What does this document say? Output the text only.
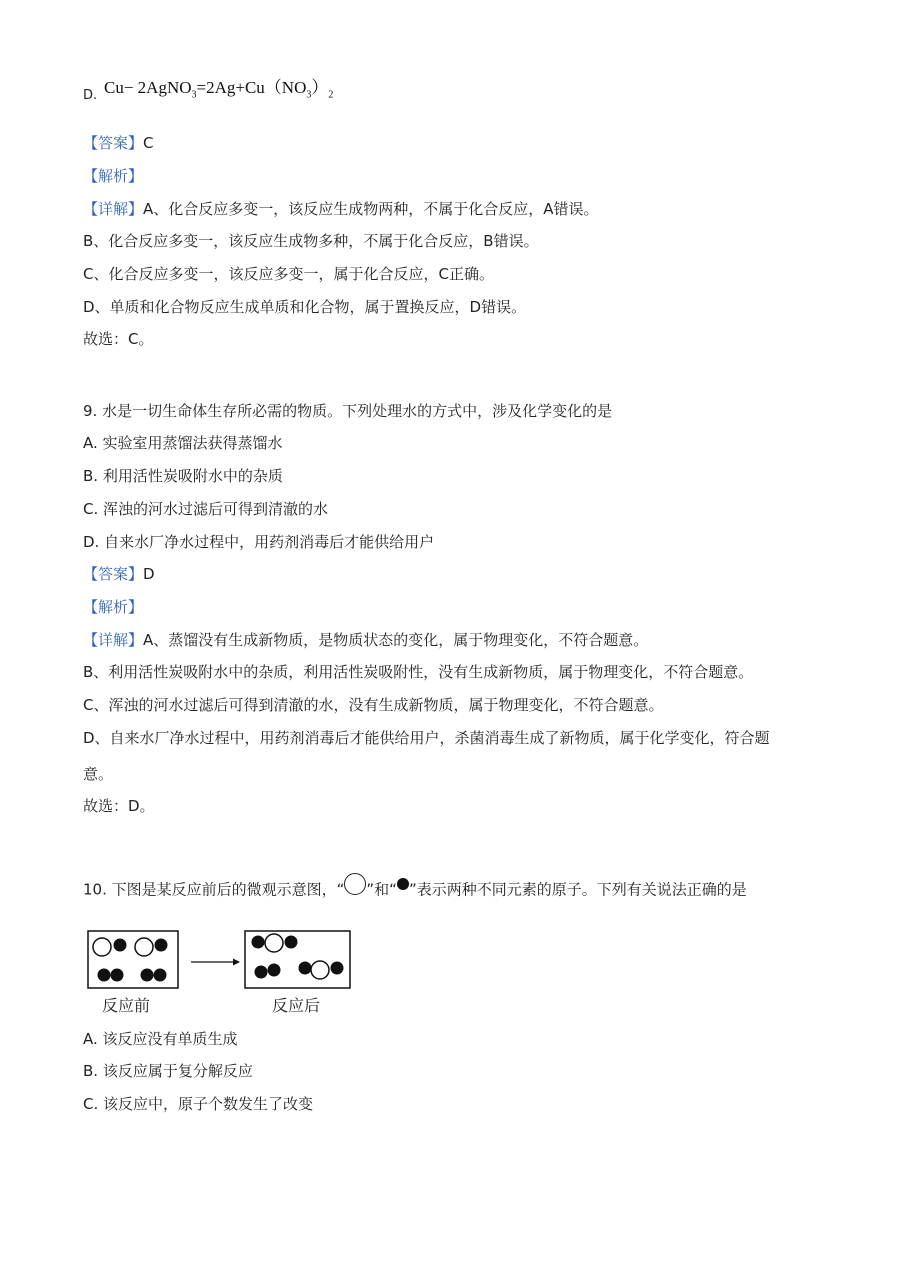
D. $Cu- 2AgNO_3=2Ag+Cu(NO_3)_2$
【答案】C
【解析】
【详解】A、化合反应多变一，该反应生成物两种，不属于化合反应，A错误。
B、化合反应多变一，该反应生成物多种，不属于化合反应，B错误。
C、化合反应多变一，该反应多变一，属于化合反应，C正确。
D、单质和化合物反应生成单质和化合物，属于置换反应，D错误。
故选：C。
9. 水是一切生命体生存所必需的物质。下列处理水的方式中，涉及化学变化的是
A. 实验室用蒸馏法获得蒸馏水
B. 利用活性炭吸附水中的杂质
C. 浑浊的河水过滤后可得到清澈的水
D. 自来水厂净水过程中，用药剂消毒后才能供给用户
【答案】D
【解析】
【详解】A、蒸馏没有生成新物质，是物质状态的变化，属于物理变化，不符合题意。
B、利用活性炭吸附水中的杂质，利用活性炭吸附性，没有生成新物质，属于物理变化，不符合题意。
C、浑浊的河水过滤后可得到清澈的水，没有生成新物质，属于物理变化，不符合题意。
D、自来水厂净水过程中，用药剂消毒后才能供给用户，杀菌消毒生成了新物质，属于化学变化，符合题
意。
故选：D。
10. 下图是某反应前后的微观示意图，“ ”和“ ”表示两种不同元素的原子。下列有关说法正确的是
反应前	反应后
A. 该反应没有单质生成
B. 该反应属于复分解反应
C. 该反应中，原子个数发生了改变
